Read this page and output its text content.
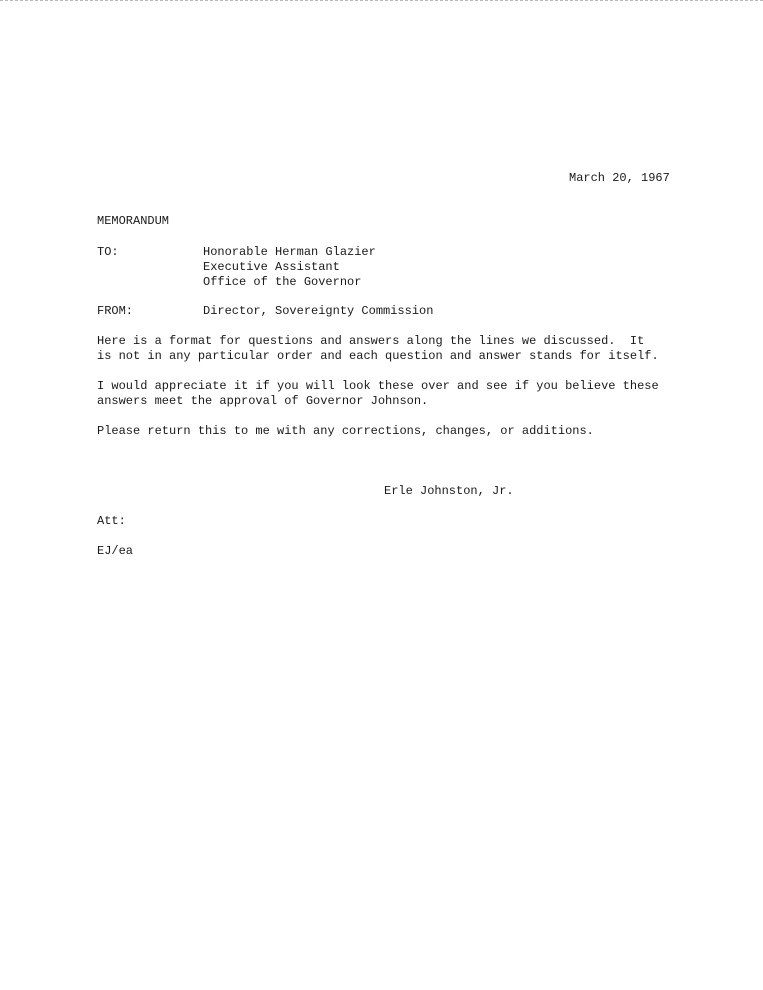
March 20, 1967
MEMORANDUM
TO:	Honorable Herman Glazier
Executive Assistant
Office of the Governor
FROM:	Director, Sovereignty Commission
Here is a format for questions and answers along the lines we discussed.  It
is not in any particular order and each question and answer stands for itself.
I would appreciate it if you will look these over and see if you believe these
answers meet the approval of Governor Johnson.
Please return this to me with any corrections, changes, or additions.
Erle Johnston, Jr.
Att:
EJ/ea
